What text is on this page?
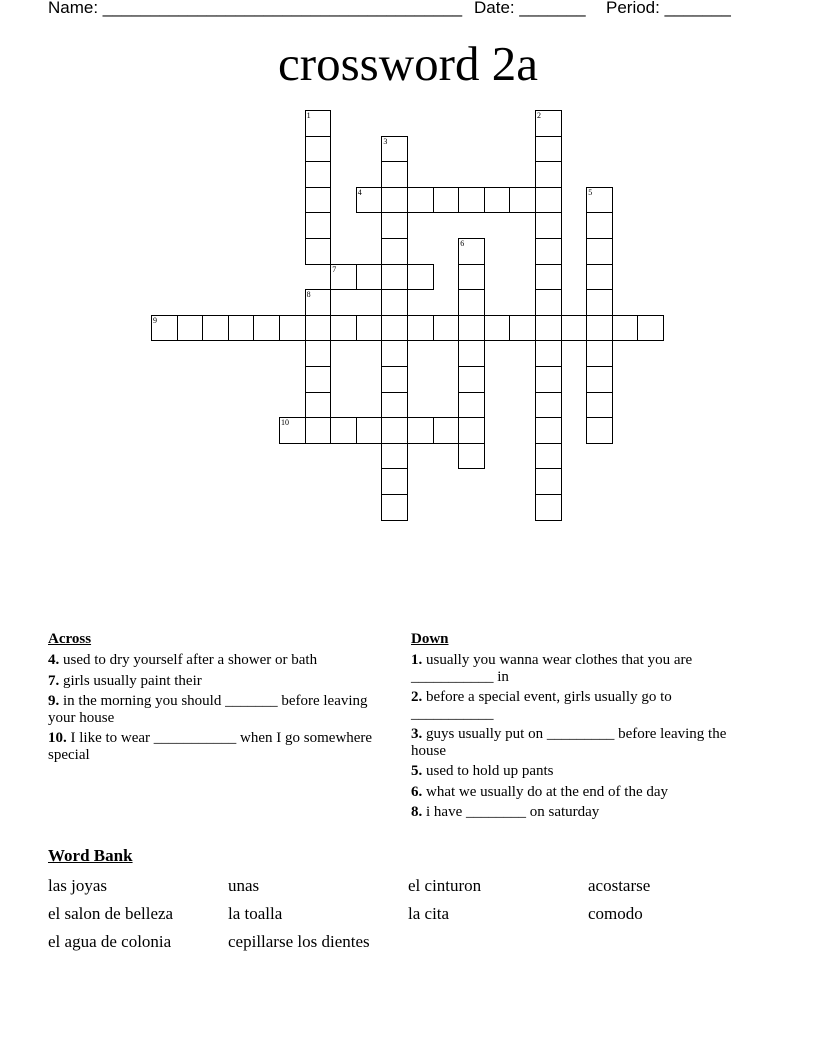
Name: ______________________________________ Date: _______ Period: _______
crossword 2a
1	2
3
4	5
6
7
8
9
10
Across
4. used to dry yourself after a shower or bath
7. girls usually paint their
9. in the morning you should _______ before leaving your house
10. I like to wear ___________ when I go somewhere special
Down
1. usually you wanna wear clothes that you are ___________ in
2. before a special event, girls usually go to ___________
3. guys usually put on _________ before leaving the house
5. used to hold up pants
6. what we usually do at the end of the day
8. i have ________ on saturday
Word Bank
las joyas	unas	el cinturon	acostarse
el salon de belleza	la toalla	la cita	comodo
el agua de colonia	cepillarse los dientes
